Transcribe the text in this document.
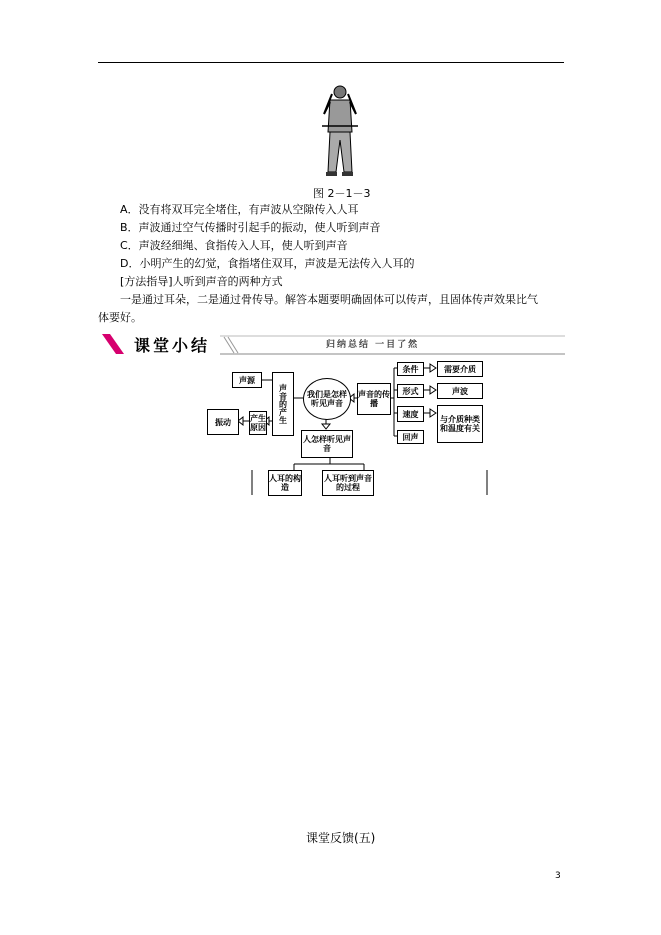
图 2－1－3
A．没有将双耳完全堵住，有声波从空隙传入人耳
B．声波通过空气传播时引起手的振动，使人听到声音
C．声波经细绳、食指传入人耳，使人听到声音
D．小明产生的幻觉，食指堵住双耳，声波是无法传入人耳的
[方法指导]人听到声音的两种方式
一是通过耳朵，二是通过骨传导。解答本题要明确固体可以传声，且固体传声效果比气
体要好。
课堂小结	归纳总结 一目了然
声源
声音的产生
产生原因
振动
我们是怎样听见声音
声音的传播
条件	需要介质
形式	声波
速度
与介质种类和温度有关
回声
人怎样听见声音
人耳的构造
人耳听到声音的过程
课堂反馈(五)
3
